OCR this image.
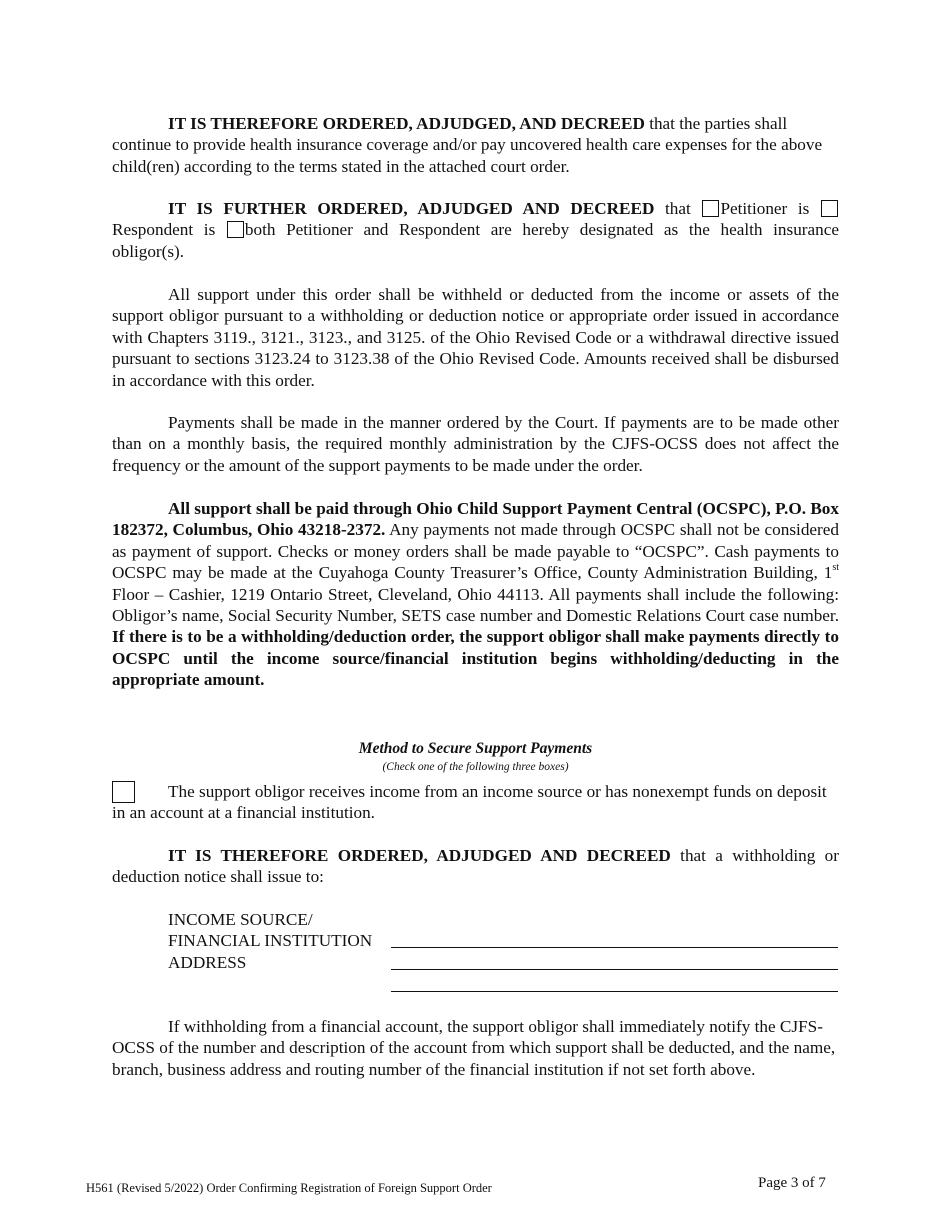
IT IS THEREFORE ORDERED, ADJUDGED, AND DECREED that the parties shall continue to provide health insurance coverage and/or pay uncovered health care expenses for the above child(ren) according to the terms stated in the attached court order.

IT IS FURTHER ORDERED, ADJUDGED AND DECREED that Petitioner is  Respondent is both Petitioner and Respondent are hereby designated as the health insurance obligor(s).

All support under this order shall be withheld or deducted from the income or assets of the support obligor pursuant to a withholding or deduction notice or appropriate order issued in accordance with Chapters 3119., 3121., 3123., and 3125. of the Ohio Revised Code or a withdrawal directive issued pursuant to sections 3123.24 to 3123.38 of the Ohio Revised Code. Amounts received shall be disbursed in accordance with this order.

Payments shall be made in the manner ordered by the Court. If payments are to be made other than on a monthly basis, the required monthly administration by the CJFS-OCSS does not affect the frequency or the amount of the support payments to be made under the order.

All support shall be paid through Ohio Child Support Payment Central (OCSPC), P.O. Box 182372, Columbus, Ohio 43218-2372. Any payments not made through OCSPC shall not be considered as payment of support. Checks or money orders shall be made payable to “OCSPC”. Cash payments to OCSPC may be made at the Cuyahoga County Treasurer’s Office, County Administration Building, 1st Floor – Cashier, 1219 Ontario Street, Cleveland, Ohio 44113. All payments shall include the following: Obligor’s name, Social Security Number, SETS case number and Domestic Relations Court case number. If there is to be a withholding/deduction order, the support obligor shall make payments directly to OCSPC until the income source/financial institution begins withholding/deducting in the appropriate amount.

Method to Secure Support Payments
(Check one of the following three boxes)

The support obligor receives income from an income source or has nonexempt funds on deposit in an account at a financial institution.

IT IS THEREFORE ORDERED, ADJUDGED AND DECREED that a withholding or deduction notice shall issue to:

INCOME SOURCE/
FINANCIAL INSTITUTION
ADDRESS

If withholding from a financial account, the support obligor shall immediately notify the CJFS-OCSS of the number and description of the account from which support shall be deducted, and the name, branch, business address and routing number of the financial institution if not set forth above.

H561 (Revised 5/2022) Order Confirming Registration of Foreign Support Order	Page 3 of 7
